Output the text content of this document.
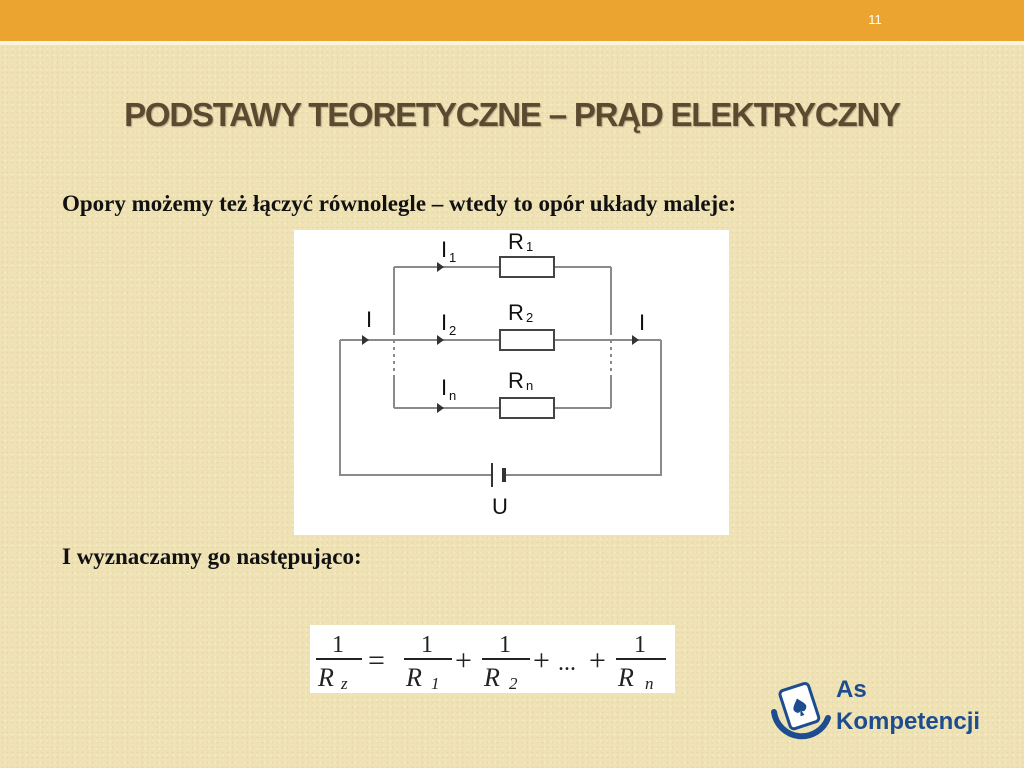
11
PODSTAWY TEORETYCZNE – PRĄD ELEKTRYCZNY
Opory możemy też łączyć równolegle – wtedy to opór układy maleje:
I	I
I 1
R 1
I 2
R 2
I n
R n
U
I wyznaczamy go następująco:
1
R z
= 1
R 1
+ 1
R 2
+ ... + 1
R n	As
Kompetencji
